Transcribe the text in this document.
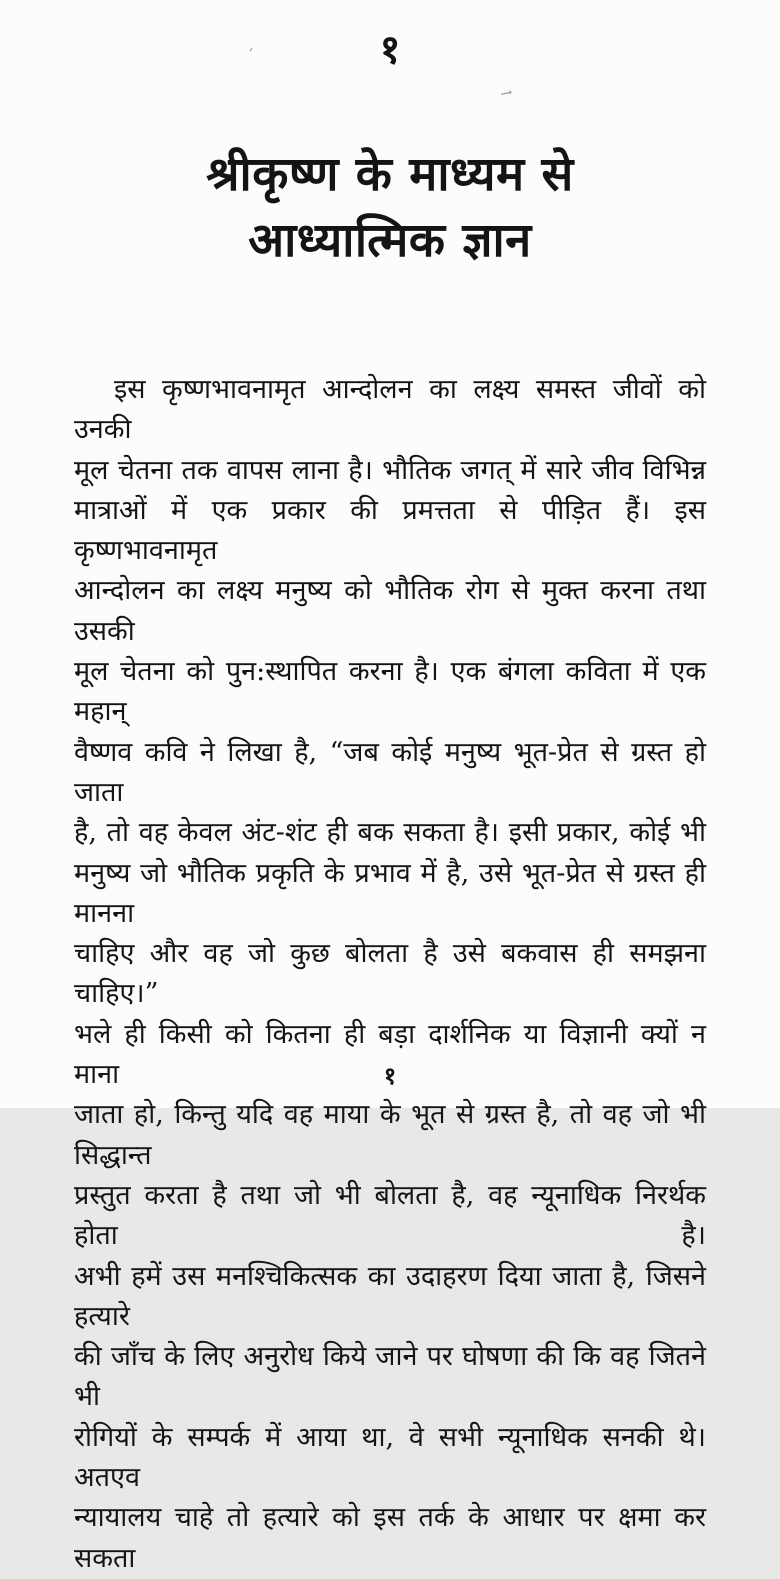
ʻ
→
१
श्रीकृष्ण के माध्यम से
आध्यात्मिक ज्ञान
इस कृष्णभावनामृत आन्दोलन का लक्ष्य समस्त जीवों को उनकी
मूल चेतना तक वापस लाना है। भौतिक जगत् में सारे जीव विभिन्न
मात्राओं में एक प्रकार की प्रमत्तता से पीड़ित हैं। इस कृष्णभावनामृत
आन्दोलन का लक्ष्य मनुष्य को भौतिक रोग से मुक्त करना तथा उसकी
मूल चेतना को पुन:स्थापित करना है। एक बंगला कविता में एक महान्
वैष्णव कवि ने लिखा है, “जब कोई मनुष्य भूत-प्रेत से ग्रस्त हो जाता
है, तो वह केवल अंट-शंट ही बक सकता है। इसी प्रकार, कोई भी
मनुष्य जो भौतिक प्रकृति के प्रभाव में है, उसे भूत-प्रेत से ग्रस्त ही मानना
चाहिए और वह जो कुछ बोलता है उसे बकवास ही समझना चाहिए।”
भले ही किसी को कितना ही बड़ा दार्शनिक या विज्ञानी क्यों न माना
जाता हो, किन्तु यदि वह माया के भूत से ग्रस्त है, तो वह जो भी सिद्धान्त
प्रस्तुत करता है तथा जो भी बोलता है, वह न्यूनाधिक निरर्थक होता है।
अभी हमें उस मनश्चिकित्सक का उदाहरण दिया जाता है, जिसने हत्यारे
की जाँच के लिए अनुरोध किये जाने पर घोषणा की कि वह जितने भी
रोगियों के सम्पर्क में आया था, वे सभी न्यूनाधिक सनकी थे। अतएव
न्यायालय चाहे तो हत्यारे को इस तर्क के आधार पर क्षमा कर सकता
१
